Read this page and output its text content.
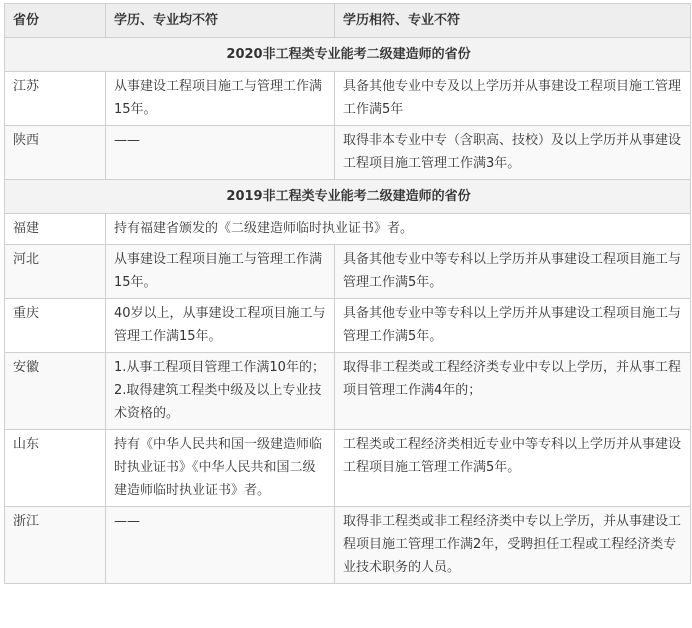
省份	学历、专业均不符	学历相符、专业不符
2020非工程类专业能考二级建造师的省份		
江苏	从事建设工程项目施工与管理工作满15年。	具备其他专业中专及以上学历并从事建设工程项目施工管理工作满5年
陕西	——	取得非本专业中专（含职高、技校）及以上学历并从事建设工程项目施工管理工作满3年。
2019非工程类专业能考二级建造师的省份		
福建	持有福建省颁发的《二级建造师临时执业证书》者。	
河北	从事建设工程项目施工与管理工作满15年。	具备其他专业中等专科以上学历并从事建设工程项目施工与管理工作满5年。
重庆	40岁以上，从事建设工程项目施工与管理工作满15年。	具备其他专业中等专科以上学历并从事建设工程项目施工与管理工作满5年。
安徽	1.从事工程项目管理工作满10年的；2.取得建筑工程类中级及以上专业技术资格的。	取得非工程类或工程经济类专业中专以上学历，并从事工程项目管理工作满4年的；
山东	持有《中华人民共和国一级建造师临时执业证书》《中华人民共和国二级建造师临时执业证书》者。	工程类或工程经济类相近专业中等专科以上学历并从事建设工程项目施工管理工作满5年。
浙江	——	取得非工程类或非工程经济类中专以上学历，并从事建设工程项目施工管理工作满2年，受聘担任工程或工程经济类专业技术职务的人员。
